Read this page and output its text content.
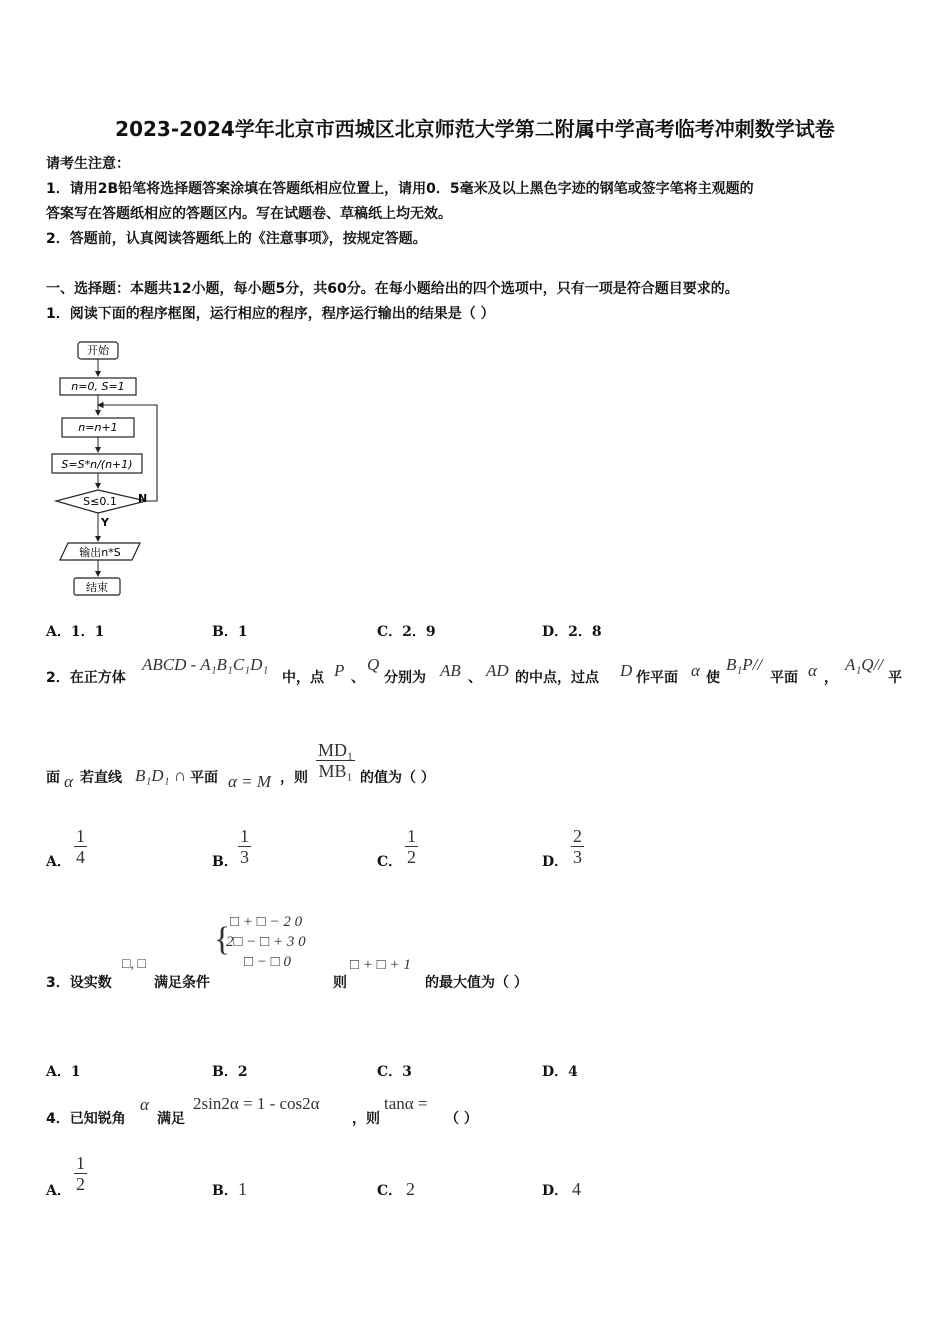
2023-2024学年北京市西城区北京师范大学第二附属中学高考临考冲刺数学试卷
请考生注意：
1．请用2B铅笔将选择题答案涂填在答题纸相应位置上，请用0．5毫米及以上黑色字迹的钢笔或签字笔将主观题的
答案写在答题纸相应的答题区内。写在试题卷、草稿纸上均无效。
2．答题前，认真阅读答题纸上的《注意事项》，按规定答题。
一、选择题：本题共12小题，每小题5分，共60分。在每小题给出的四个选项中，只有一项是符合题目要求的。
1．阅读下面的程序框图，运行相应的程序，程序运行输出的结果是（ ）
开始
n=0, S=1
n=n+1
S=S*n/(n+1)
S≤0.1 N
Y
输出n*S
结束
A．1．1	B．1	C．2．9	D．2．8
2．在正方体
ABCD - A₁B₁C₁D₁
中，点 P 、
Q
分别为 AB 、 AD 的中点，过点 D 作平面 α 使
B₁P//
平面 α ，
A₁Q//
平
面 α 若直线 B₁D₁ ∩ 平面 α = M ，则 $\frac{\text{MD₁}}{\text{MB₁}}$ 的值为（ ）
A． $\frac{1}{4}$	B． $\frac{1}{3}$	C． $\frac{1}{2}$	D． $\frac{2}{3}$
3．设实数
□, □
满足条件
{ □ + □ − 2 0
2□ − □ + 3 0
□ − □ 0
则
□ + □ + 1
的最大值为（ ）
A．1	B．2	C．3	D．4
4．已知锐角
α
满足
2sin2α = 1 - cos2α
，则
tanα =
（ ）
A． $\frac{1}{2}$	B． 1	C． 2	D． 4
